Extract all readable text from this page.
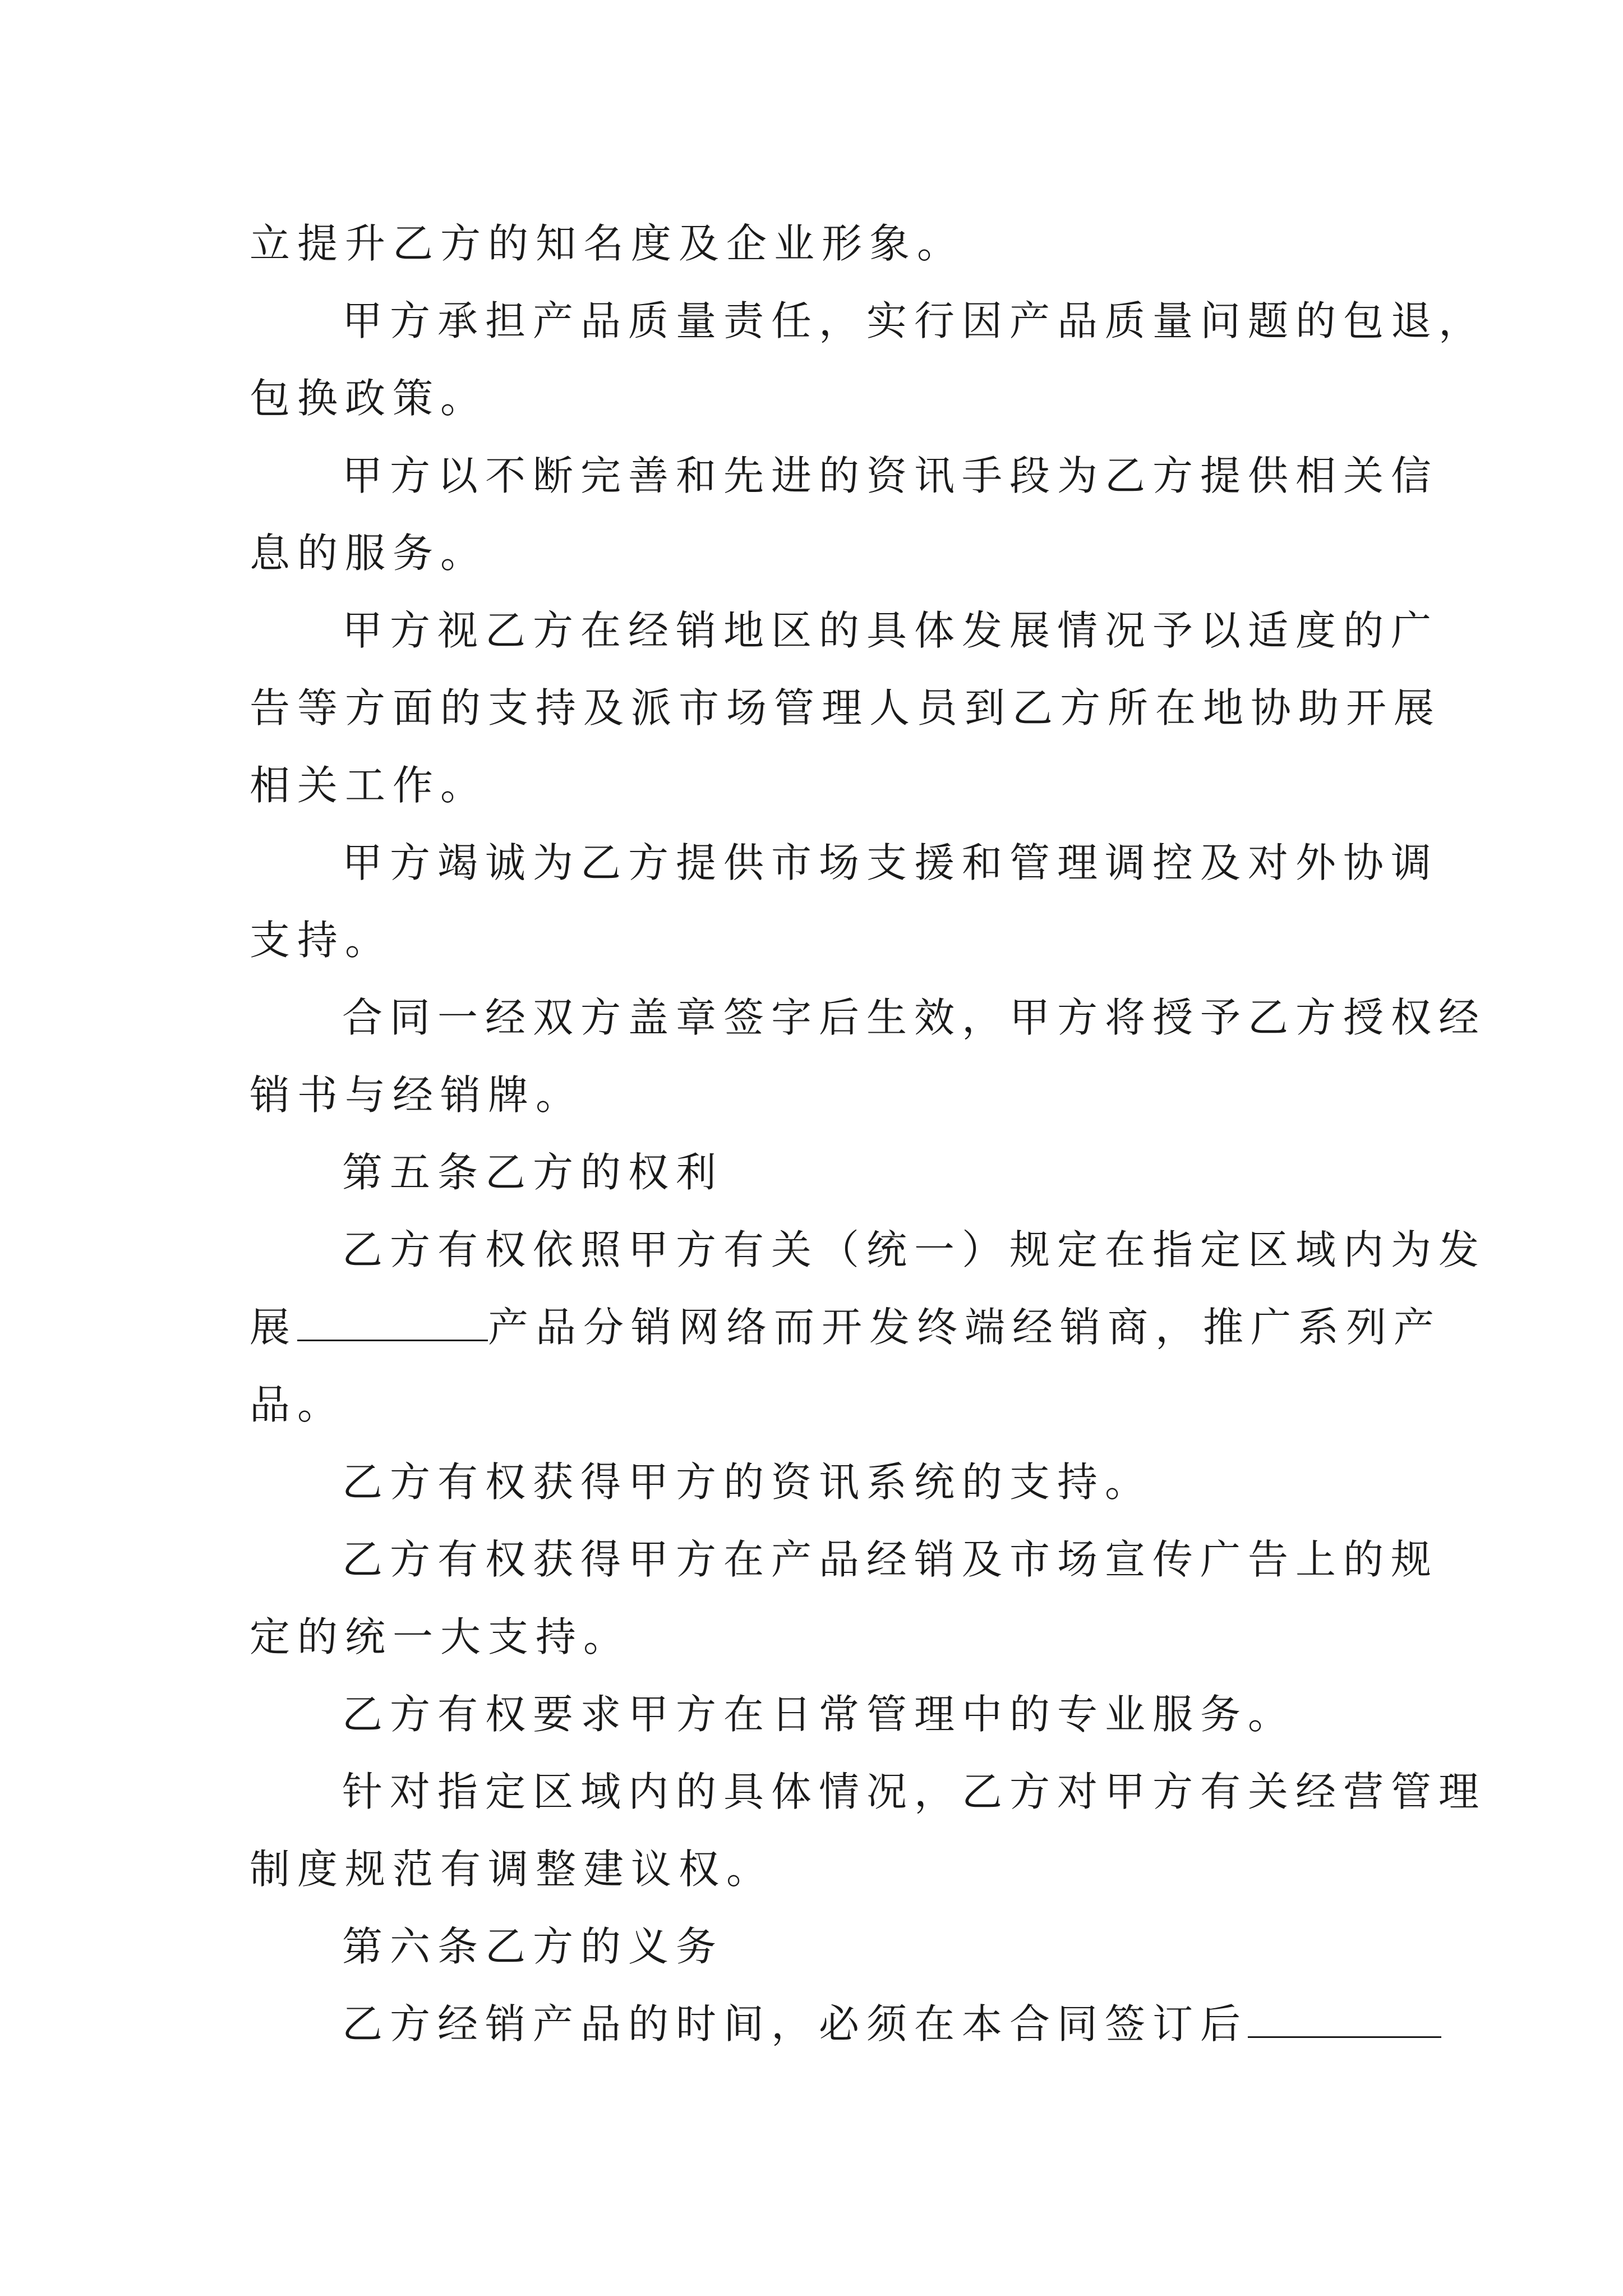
立提升乙方的知名度及企业形象。
甲方承担产品质量责任，实行因产品质量问题的包退，
包换政策。
甲方以不断完善和先进的资讯手段为乙方提供相关信
息的服务。
甲方视乙方在经销地区的具体发展情况予以适度的广
告等方面的支持及派市场管理人员到乙方所在地协助开展
相关工作。
甲方竭诚为乙方提供市场支援和管理调控及对外协调
支持。
合同一经双方盖章签字后生效，甲方将授予乙方授权经
销书与经销牌。
第五条乙方的权利
乙方有权依照甲方有关（统一）规定在指定区域内为发
展	产品分销网络而开发终端经销商，推广系列产
品。
乙方有权获得甲方的资讯系统的支持。
乙方有权获得甲方在产品经销及市场宣传广告上的规
定的统一大支持。
乙方有权要求甲方在日常管理中的专业服务。
针对指定区域内的具体情况，乙方对甲方有关经营管理
制度规范有调整建议权。
第六条乙方的义务
乙方经销产品的时间，必须在本合同签订后
